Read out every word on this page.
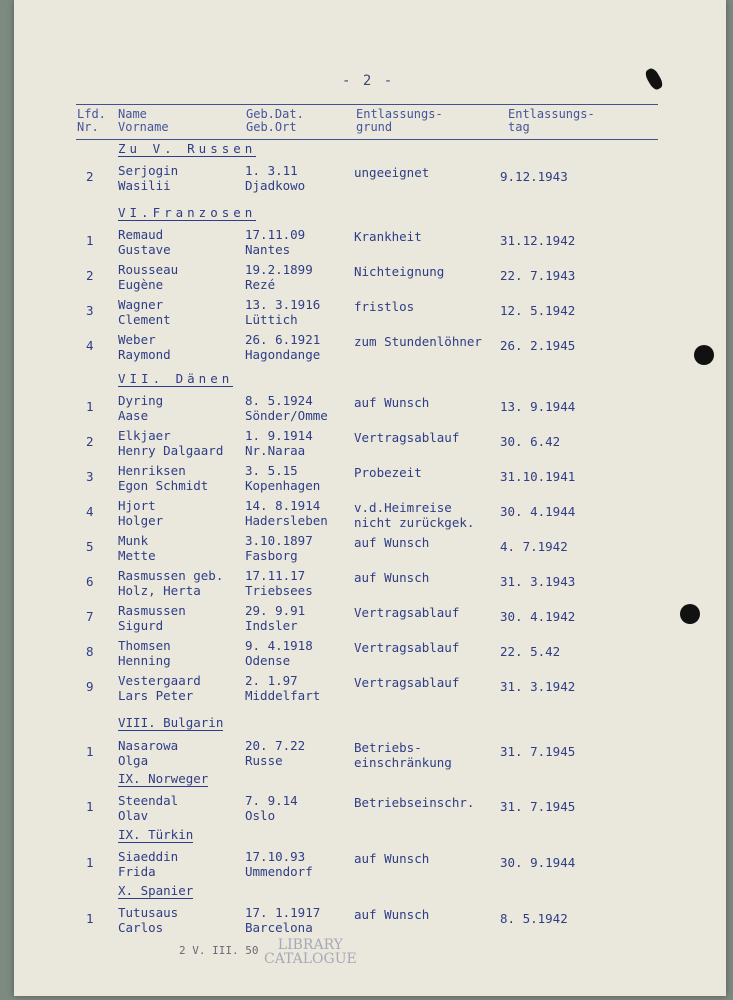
- 2 -
Lfd.
Nr.
Name
Vorname
Geb.Dat.
Geb.Ort
Entlassungs-
grund
Entlassungs-
tag
Zu V. Russen
2 Serjogin
Wasilii
1. 3.11
Djadkowo
ungeeignet	9.12.1943
VI.Franzosen
1 Remaud
Gustave
17.11.09
Nantes
Krankheit	31.12.1942
2 Rousseau
Eugène
19.2.1899
Rezé
Nichteignung	22. 7.1943
3 Wagner
Clement
13. 3.1916
Lüttich
fristlos	12. 5.1942
4 Weber
Raymond
26. 6.1921
Hagondange
zum Stundenlöhner 26. 2.1945
VII. Dänen
1 Dyring
Aase
8. 5.1924
Sönder/Omme
auf Wunsch	13. 9.1944
2 Elkjaer
Henry Dalgaard
1. 9.1914
Nr.Naraa
Vertragsablauf	30. 6.42
3 Henriksen
Egon Schmidt
3. 5.15
Kopenhagen
Probezeit	31.10.1941
4 Hjort
Holger
14. 8.1914
Hadersleben
v.d.Heimreise
nicht zurückgek.
30. 4.1944
5 Munk
Mette
3.10.1897
Fasborg
auf Wunsch	4. 7.1942
6 Rasmussen geb.
Holz, Herta
17.11.17
Triebsees
auf Wunsch	31. 3.1943
7 Rasmussen
Sigurd
29. 9.91
Indsler
Vertragsablauf	30. 4.1942
8 Thomsen
Henning
9. 4.1918
Odense
Vertragsablauf	22. 5.42
9 Vestergaard
Lars Peter
2. 1.97
Middelfart
Vertragsablauf	31. 3.1942
VIII. Bulgarin
1 Nasarowa
Olga
20. 7.22
Russe
Betriebs-
einschränkung
31. 7.1945
IX. Norweger
1 Steendal
Olav
7. 9.14
Oslo
Betriebseinschr. 31. 7.1945
IX. Türkin
1 Siaeddin
Frida
17.10.93
Ummendorf
auf Wunsch	30. 9.1944
X. Spanier
1 Tutusaus
Carlos
17. 1.1917
Barcelona
auf Wunsch	8. 5.1942
2 V. III. 50	LIBRARY
CATALOGUE
